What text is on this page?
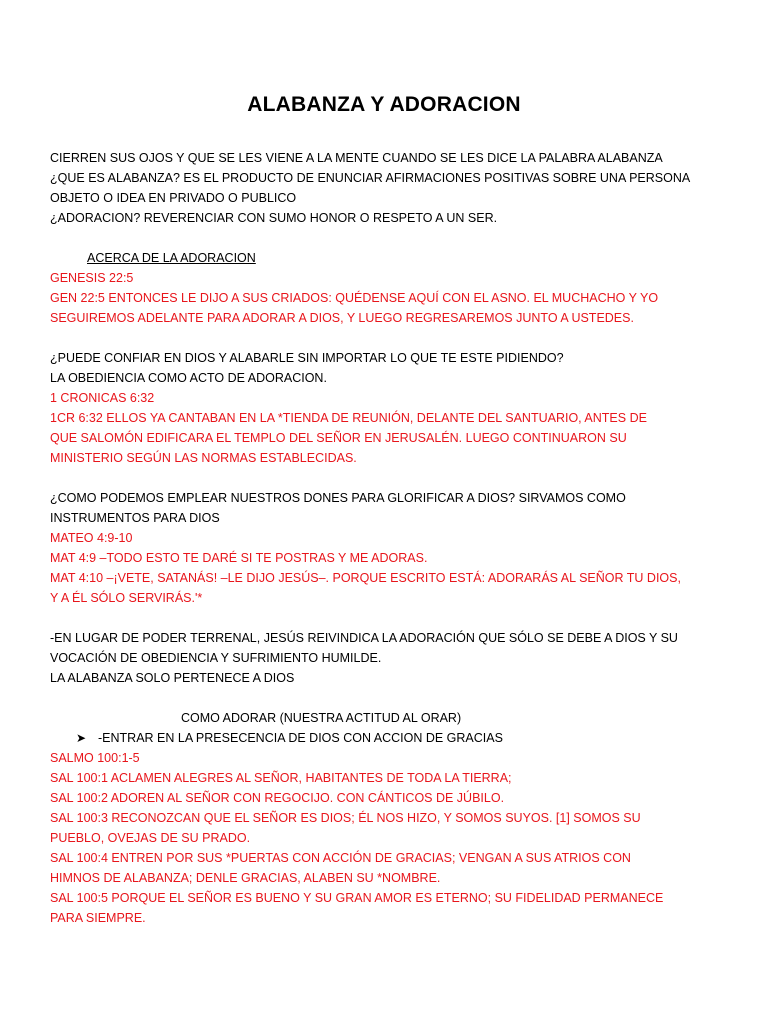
ALABANZA Y ADORACION
CIERREN SUS OJOS Y QUE SE LES VIENE A LA MENTE CUANDO SE LES DICE LA PALABRA ALABANZA
¿QUE ES ALABANZA? ES EL PRODUCTO DE ENUNCIAR AFIRMACIONES POSITIVAS SOBRE UNA PERSONA
OBJETO O IDEA EN PRIVADO O PUBLICO
¿ADORACION? REVERENCIAR CON SUMO HONOR O RESPETO A UN SER.
ACERCA DE LA ADORACION
GENESIS 22:5
GEN 22:5 ENTONCES LE DIJO A SUS CRIADOS: QUÉDENSE AQUÍ CON EL ASNO. EL MUCHACHO Y YO
SEGUIREMOS ADELANTE PARA ADORAR A DIOS, Y LUEGO REGRESAREMOS JUNTO A USTEDES.
¿PUEDE CONFIAR EN DIOS Y ALABARLE SIN IMPORTAR LO QUE TE ESTE PIDIENDO?
LA OBEDIENCIA COMO ACTO DE ADORACION.
1 CRONICAS 6:32
1CR 6:32 ELLOS YA CANTABAN EN LA *TIENDA DE REUNIÓN, DELANTE DEL SANTUARIO, ANTES DE
QUE SALOMÓN EDIFICARA EL TEMPLO DEL SEÑOR EN JERUSALÉN. LUEGO CONTINUARON SU
MINISTERIO SEGÚN LAS NORMAS ESTABLECIDAS.
¿COMO PODEMOS EMPLEAR NUESTROS DONES PARA GLORIFICAR A DIOS? SIRVAMOS COMO
INSTRUMENTOS PARA DIOS
MATEO 4:9-10
MAT 4:9 –TODO ESTO TE DARÉ SI TE POSTRAS Y ME ADORAS.
MAT 4:10 –¡VETE, SATANÁS! –LE DIJO JESÚS–. PORQUE ESCRITO ESTÁ: ADORARÁS AL SEÑOR TU DIOS,
Y A ÉL SÓLO SERVIRÁS.'*
-EN LUGAR DE PODER TERRENAL, JESÚS REIVINDICA LA ADORACIÓN QUE SÓLO SE DEBE A DIOS Y SU
VOCACIÓN DE OBEDIENCIA Y SUFRIMIENTO HUMILDE.
LA ALABANZA SOLO PERTENECE A DIOS
COMO ADORAR (NUESTRA ACTITUD AL ORAR)
➤ -ENTRAR EN LA PRESECENCIA DE DIOS CON ACCION DE GRACIAS
SALMO 100:1-5
SAL 100:1 ACLAMEN ALEGRES AL SEÑOR, HABITANTES DE TODA LA TIERRA;
SAL 100:2 ADOREN AL SEÑOR CON REGOCIJO. CON CÁNTICOS DE JÚBILO.
SAL 100:3 RECONOZCAN QUE EL SEÑOR ES DIOS; ÉL NOS HIZO, Y SOMOS SUYOS. [1] SOMOS SU
PUEBLO, OVEJAS DE SU PRADO.
SAL 100:4 ENTREN POR SUS *PUERTAS CON ACCIÓN DE GRACIAS; VENGAN A SUS ATRIOS CON
HIMNOS DE ALABANZA; DENLE GRACIAS, ALABEN SU *NOMBRE.
SAL 100:5 PORQUE EL SEÑOR ES BUENO Y SU GRAN AMOR ES ETERNO; SU FIDELIDAD PERMANECE
PARA SIEMPRE.
